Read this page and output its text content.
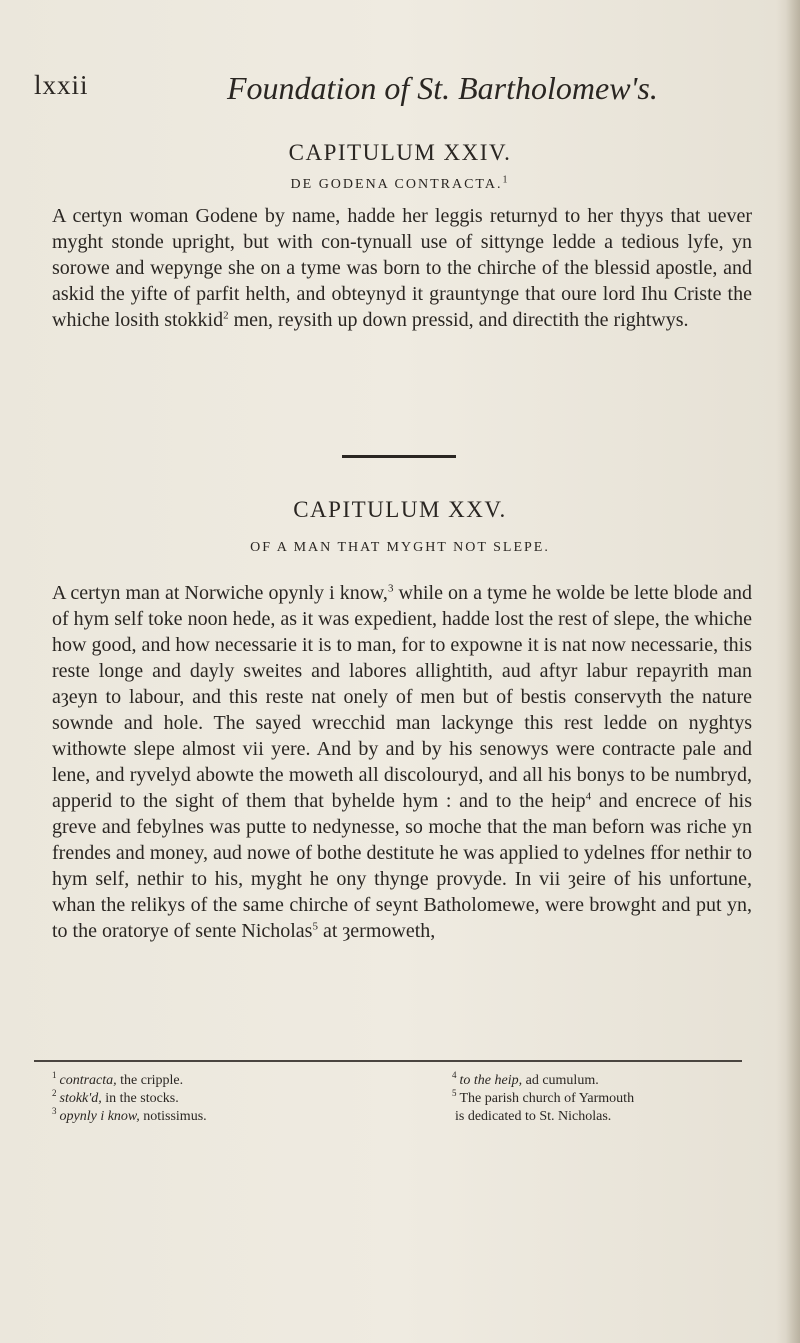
lxxii	Foundation of St. Bartholomew's.
CAPITULUM XXIV.
DE GODENA CONTRACTA.$^1$
A certyn woman Godene by name, hadde her leggis returnyd to her thyys that uever myght stonde upright, but with con-tynuall use of sittynge ledde a tedious lyfe, yn sorowe and wepynge she on a tyme was born to the chirche of the blessid apostle, and askid the yifte of parfit helth, and obteynyd it grauntynge that oure lord Ihu Criste the whiche losith stokkid$^2$ men, reysith up down pressid, and directith the rightwys.
CAPITULUM XXV.
OF A MAN THAT MYGHT NOT SLEPE.
A certyn man at Norwiche opynly i know,$^3$ while on a tyme he wolde be lette blode and of hym self toke noon hede, as it was expedient, hadde lost the rest of slepe, the whiche how good, and how necessarie it is to man, for to expowne it is nat now necessarie, this reste longe and dayly sweites and labores allightith, aud aftyr labur repayrith man aȝeyn to labour, and this reste nat onely of men but of bestis conservyth the nature sownde and hole. The sayed wrecchid man lackynge this rest ledde on nyghtys withowte slepe almost vii yere. And by and by his senowys were contracte pale and lene, and ryvelyd abowte the moweth all discolouryd, and all his bonys to be numbryd, apperid to the sight of them that byhelde hym : and to the heip$^4$ and encrece of his greve and febylnes was putte to nedynesse, so moche that the man beforn was riche yn frendes and money, aud nowe of bothe destitute he was applied to ydelnes ffor nethir to hym self, nethir to his, myght he ony thynge provyde. In vii ȝeire of his unfortune, whan the relikys of the same chirche of seynt Batholomewe, were browght and put yn, to the oratorye of sente Nicholas$^5$ at ȝermoweth,
$^1$ contracta, the cripple.
$^2$ stokk'd, in the stocks.
$^3$ opynly i know, notissimus.
$^4$ to the heip, ad cumulum.
$^5$ The parish church of Yarmouth
is dedicated to St. Nicholas.
